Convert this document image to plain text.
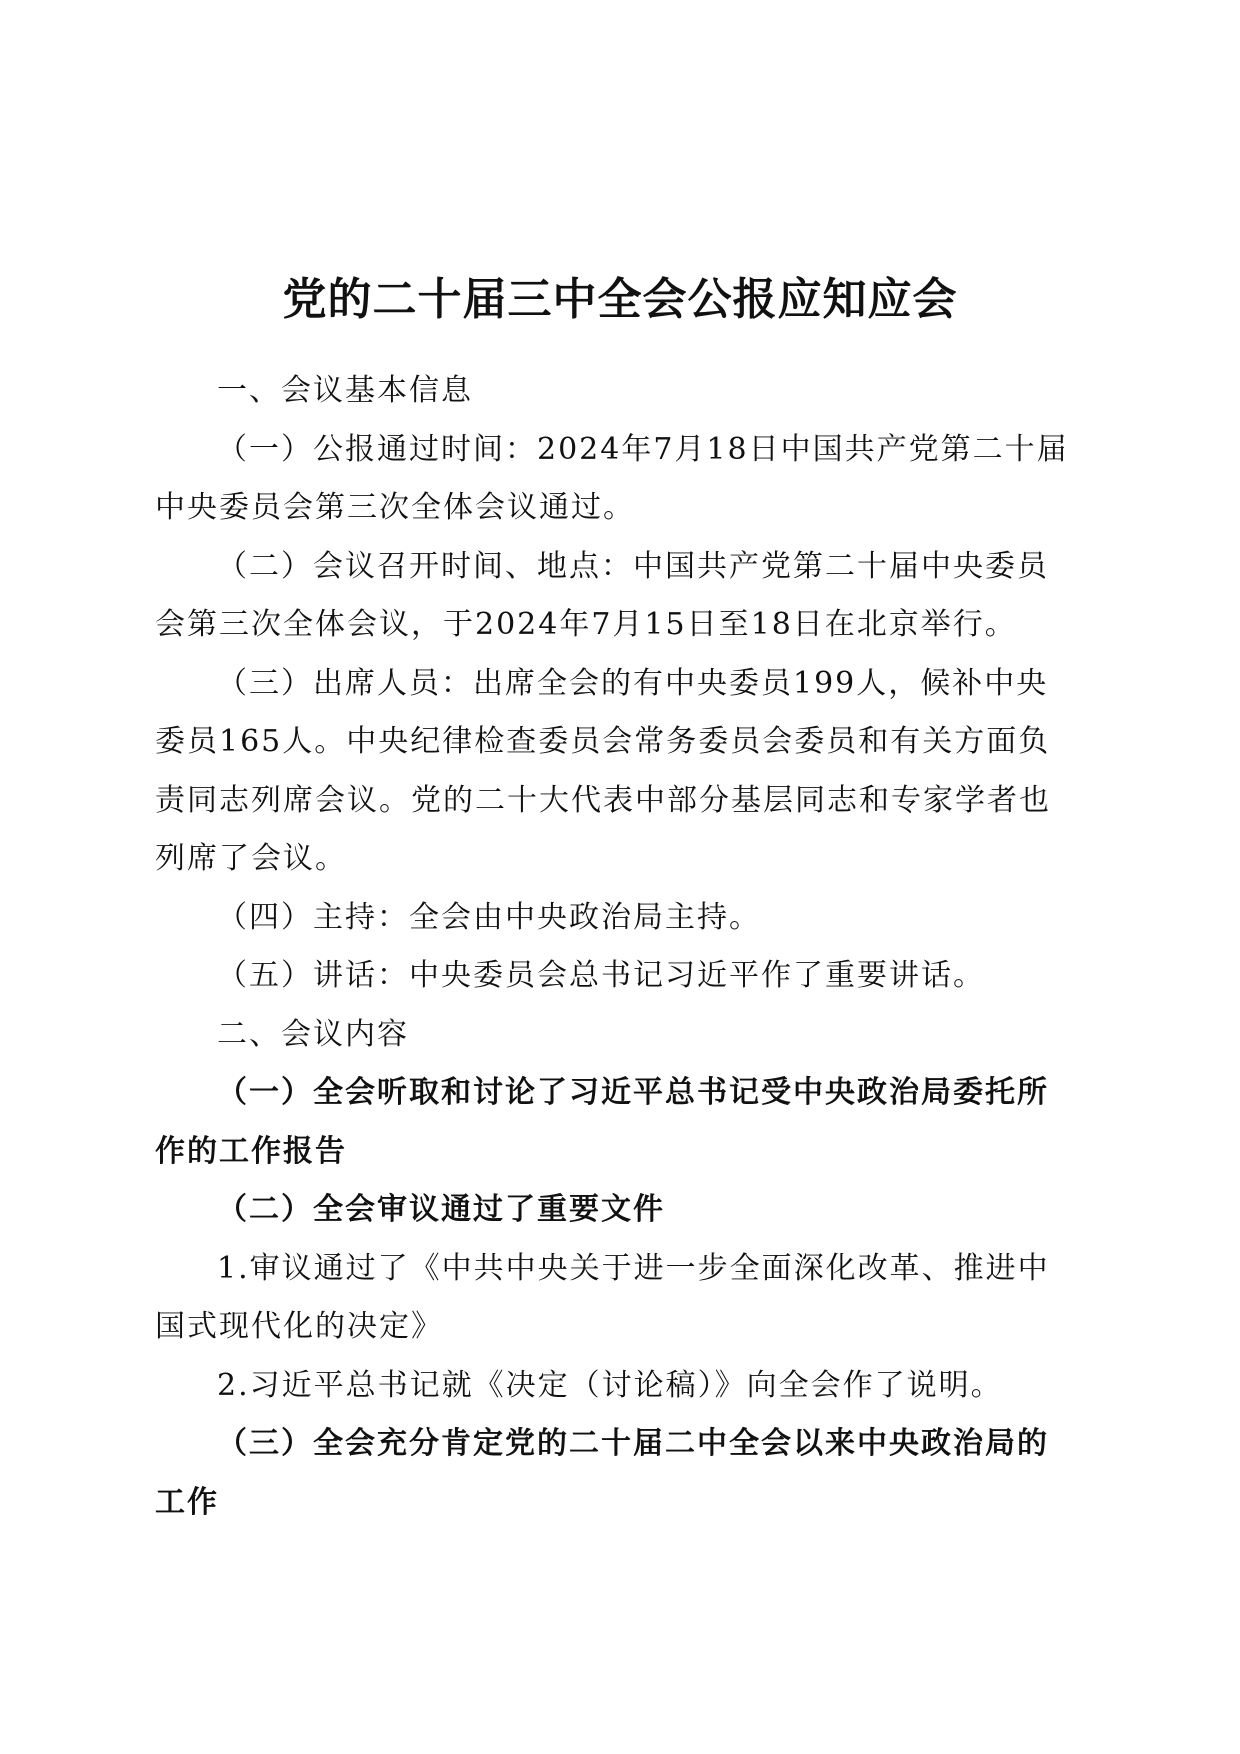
党的二十届三中全会公报应知应会

一、会议基本信息

（一）公报通过时间：2024年7月18日中国共产党第二十届中央委员会第三次全体会议通过。

（二）会议召开时间、地点：中国共产党第二十届中央委员会第三次全体会议，于2024年7月15日至18日在北京举行。

（三）出席人员：出席全会的有中央委员199人，候补中央委员165人。中央纪律检查委员会常务委员会委员和有关方面负责同志列席会议。党的二十大代表中部分基层同志和专家学者也列席了会议。

（四）主持：全会由中央政治局主持。

（五）讲话：中央委员会总书记习近平作了重要讲话。

二、会议内容

（一）全会听取和讨论了习近平总书记受中央政治局委托所作的工作报告

（二）全会审议通过了重要文件

1.审议通过了《中共中央关于进一步全面深化改革、推进中国式现代化的决定》

2.习近平总书记就《决定（讨论稿）》向全会作了说明。

（三）全会充分肯定党的二十届二中全会以来中央政治局的工作
